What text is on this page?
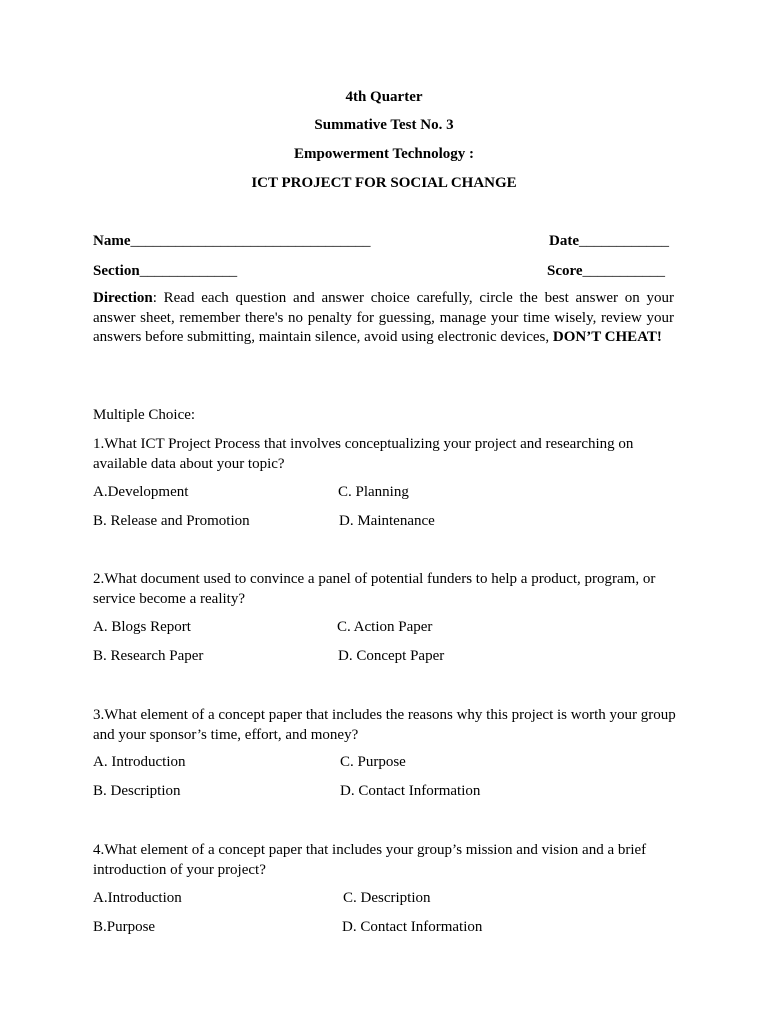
4th Quarter
Summative Test No. 3
Empowerment Technology :
ICT PROJECT FOR SOCIAL CHANGE
Name________________________________	Date____________
Section_____________	Score___________
Direction: Read each question and answer choice carefully, circle the best answer on your answer sheet, remember there's no penalty for guessing, manage your time wisely, review your answers before submitting, maintain silence, avoid using electronic devices, DON’T CHEAT!
Multiple Choice:
1.What ICT Project Process that involves conceptualizing your project and researching on available data about your topic?
A.Development	C. Planning
B. Release and Promotion	D. Maintenance
2.What document used to convince a panel of potential funders to help a product, program, or service become a reality?
A. Blogs Report	C. Action Paper
B. Research Paper	D. Concept Paper
3.What element of a concept paper that includes the reasons why this project is worth your group and your sponsor’s time, effort, and money?
A. Introduction	C. Purpose
B. Description	D. Contact Information
4.What element of a concept paper that includes your group’s mission and vision and a brief introduction of your project?
A.Introduction	C. Description
B.Purpose	D. Contact Information
